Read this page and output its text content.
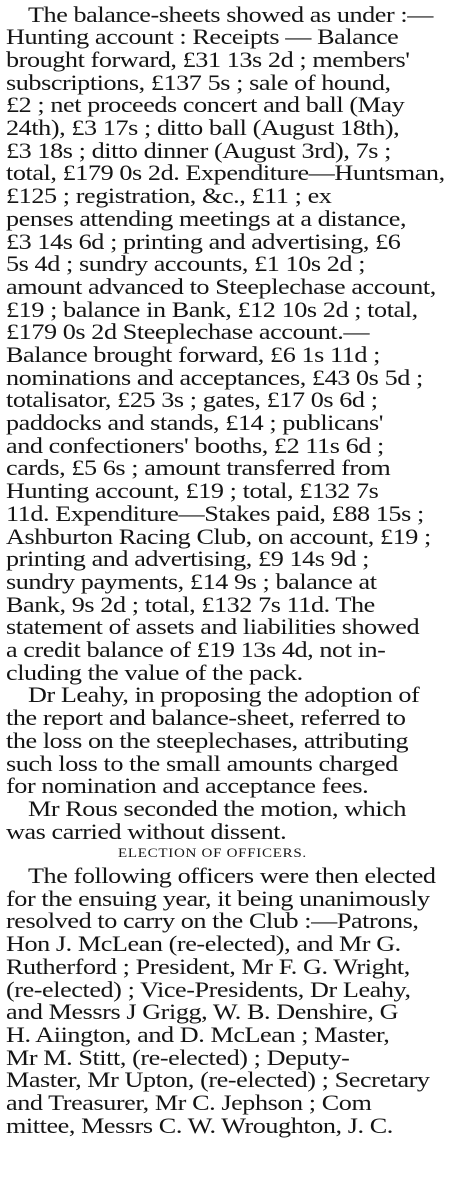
The balance-sheets showed as under :—
Hunting account : Receipts — Balance
brought forward, £31 13s 2d ; members'
subscriptions, £137 5s ; sale of hound,
£2 ; net proceeds concert and ball (May
24th), £3 17s ; ditto ball (August 18th),
£3 18s ; ditto dinner (August 3rd), 7s ;
total, £179 0s 2d. Expenditure—Huntsman,
£125 ; registration, &c., £11 ; ex
penses attending meetings at a distance,
£3 14s 6d ; printing and advertising, £6
5s 4d ; sundry accounts, £1 10s 2d ;
amount advanced to Steeplechase account,
£19 ; balance in Bank, £12 10s 2d ; total,
£179 0s 2d Steeplechase account.—
Balance brought forward, £6 1s 11d ;
nominations and acceptances, £43 0s 5d ;
totalisator, £25 3s ; gates, £17 0s 6d ;
paddocks and stands, £14 ; publicans'
and confectioners' booths, £2 11s 6d ;
cards, £5 6s ; amount transferred from
Hunting account, £19 ; total, £132 7s
11d. Expenditure—Stakes paid, £88 15s ;
Ashburton Racing Club, on account, £19 ;
printing and advertising, £9 14s 9d ;
sundry payments, £14 9s ; balance at
Bank, 9s 2d ; total, £132 7s 11d. The
statement of assets and liabilities showed
a credit balance of £19 13s 4d, not in-
cluding the value of the pack.
Dr Leahy, in proposing the adoption of
the report and balance-sheet, referred to
the loss on the steeplechases, attributing
such loss to the small amounts charged
for nomination and acceptance fees.
Mr Rous seconded the motion, which
was carried without dissent.
ELECTION OF OFFICERS.
The following officers were then elected
for the ensuing year, it being unanimously
resolved to carry on the Club :—Patrons,
Hon J. McLean (re-elected), and Mr G.
Rutherford ; President, Mr F. G. Wright,
(re-elected) ; Vice-Presidents, Dr Leahy,
and Messrs J Grigg, W. B. Denshire, G
H. Aiington, and D. McLean ; Master,
Mr M. Stitt, (re-elected) ; Deputy-
Master, Mr Upton, (re-elected) ; Secretary
and Treasurer, Mr C. Jephson ; Com
mittee, Messrs C. W. Wroughton, J. C.
